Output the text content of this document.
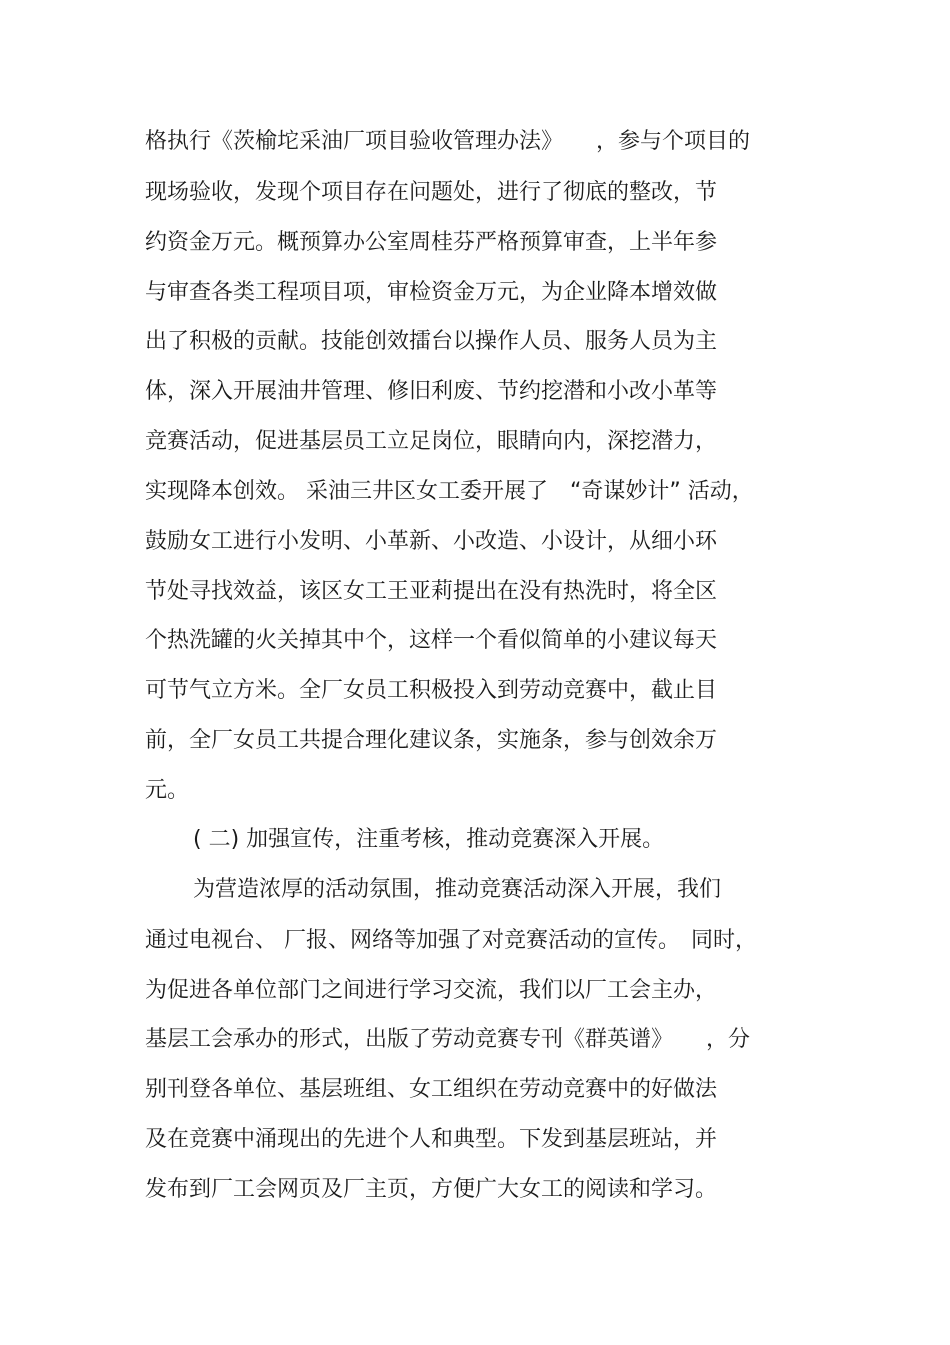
格执行《茨榆坨采油厂项目验收管理办法》　　，参与个项目的
现场验收，发现个项目存在问题处，进行了彻底的整改，节
约资金万元。概预算办公室周桂芬严格预算审查，上半年参
与审查各类工程项目项，审检资金万元，为企业降本增效做
出了积极的贡献。技能创效擂台以操作人员、服务人员为主
体，深入开展油井管理、修旧利废、节约挖潜和小改小革等
竞赛活动，促进基层员工立足岗位，眼睛向内，深挖潜力，
实现降本创效。 采油三井区女工委开展了　“奇谋妙计” 活动，
鼓励女工进行小发明、小革新、小改造、小设计，从细小环
节处寻找效益，该区女工王亚莉提出在没有热洗时，将全区
个热洗罐的火关掉其中个，这样一个看似简单的小建议每天
可节气立方米。全厂女员工积极投入到劳动竞赛中，截止目
前，全厂女员工共提合理化建议条，实施条，参与创效余万
元。
( 二) 加强宣传，注重考核，推动竞赛深入开展。
为营造浓厚的活动氛围，推动竞赛活动深入开展，我们
通过电视台、 厂报、网络等加强了对竞赛活动的宣传。　同时，
为促进各单位部门之间进行学习交流，我们以厂工会主办，
基层工会承办的形式，出版了劳动竞赛专刊《群英谱》　　，分
别刊登各单位、基层班组、女工组织在劳动竞赛中的好做法
及在竞赛中涌现出的先进个人和典型。下发到基层班站，并
发布到厂工会网页及厂主页，方便广大女工的阅读和学习。
